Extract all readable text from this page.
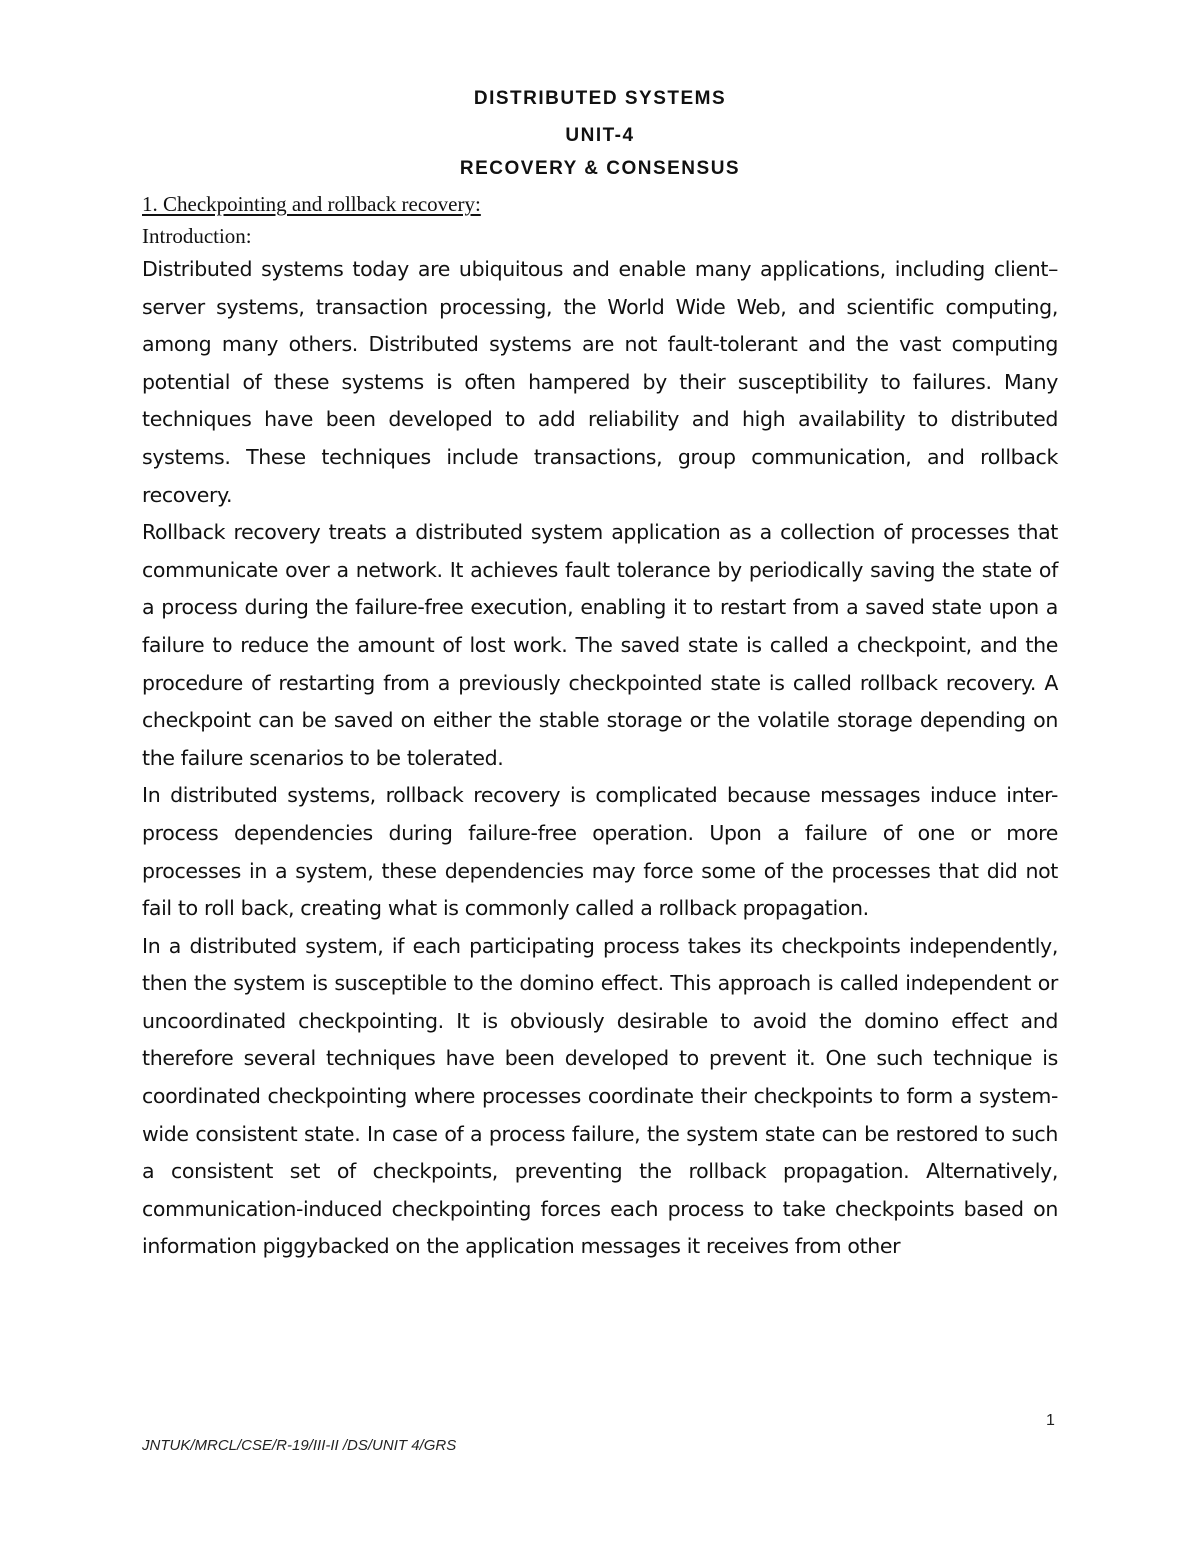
DISTRIBUTED SYSTEMS
UNIT-4
RECOVERY & CONSENSUS
1. Checkpointing and rollback recovery:
Introduction:

Distributed systems today are ubiquitous and enable many applications, including client–server systems, transaction processing, the World Wide Web, and scientific computing, among many others. Distributed systems are not fault-tolerant and the vast computing potential of these systems is often hampered by their susceptibility to failures. Many techniques have been developed to add reliability and high availability to distributed systems. These techniques include transactions, group communication, and rollback recovery.

Rollback recovery treats a distributed system application as a collection of processes that communicate over a network. It achieves fault tolerance by periodically saving the state of a process during the failure-free execution, enabling it to restart from a saved state upon a failure to reduce the amount of lost work. The saved state is called a checkpoint, and the procedure of restarting from a previously checkpointed state is called rollback recovery. A checkpoint can be saved on either the stable storage or the volatile storage depending on the failure scenarios to be tolerated.

In distributed systems, rollback recovery is complicated because messages induce inter-process dependencies during failure-free operation. Upon a failure of one or more processes in a system, these dependencies may force some of the processes that did not fail to roll back, creating what is commonly called a rollback propagation.

In a distributed system, if each participating process takes its checkpoints independently, then the system is susceptible to the domino effect. This approach is called independent or uncoordinated checkpointing. It is obviously desirable to avoid the domino effect and therefore several techniques have been developed to prevent it. One such technique is coordinated checkpointing where processes coordinate their checkpoints to form a system-wide consistent state. In case of a process failure, the system state can be restored to such a consistent set of checkpoints, preventing the rollback propagation. Alternatively, communication-induced checkpointing forces each process to take checkpoints based on information piggybacked on the application messages it receives from other

1
JNTUK/MRCL/CSE/R-19/III-II /DS/UNIT 4/GRS
